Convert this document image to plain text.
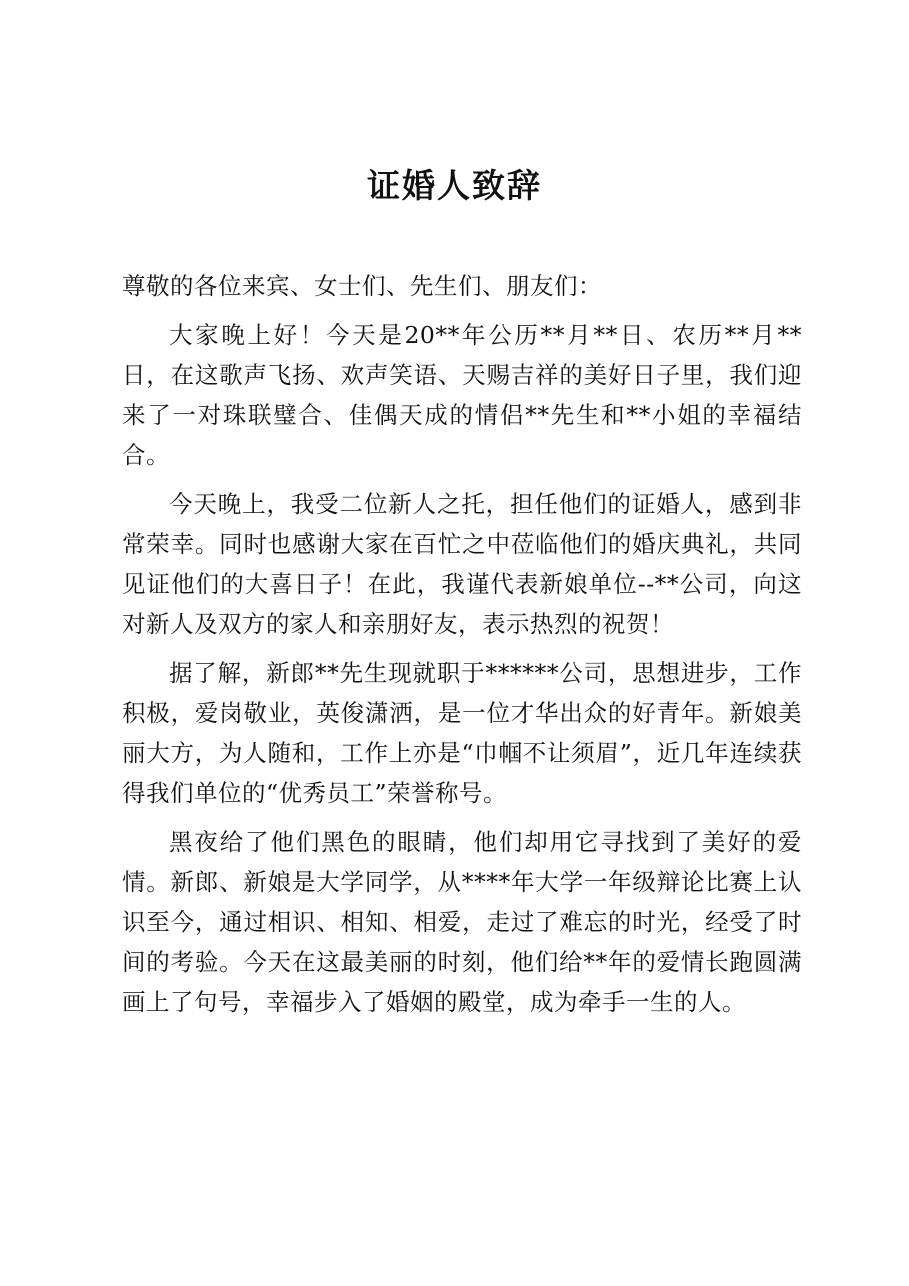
证婚人致辞

尊敬的各位来宾、女士们、先生们、朋友们：

大家晚上好！今天是20**年公历**月**日、农历**月**日，在这歌声飞扬、欢声笑语、天赐吉祥的美好日子里，我们迎来了一对珠联璧合、佳偶天成的情侣**先生和**小姐的幸福结合。

今天晚上，我受二位新人之托，担任他们的证婚人，感到非常荣幸。同时也感谢大家在百忙之中莅临他们的婚庆典礼，共同见证他们的大喜日子！在此，我谨代表新娘单位--**公司，向这对新人及双方的家人和亲朋好友，表示热烈的祝贺！

据了解，新郎**先生现就职于******公司，思想进步，工作积极，爱岗敬业，英俊潇洒，是一位才华出众的好青年。新娘美丽大方，为人随和，工作上亦是“巾帼不让须眉”，近几年连续获得我们单位的“优秀员工”荣誉称号。

黑夜给了他们黑色的眼睛，他们却用它寻找到了美好的爱情。新郎、新娘是大学同学，从****年大学一年级辩论比赛上认识至今，通过相识、相知、相爱，走过了难忘的时光，经受了时间的考验。今天在这最美丽的时刻，他们给**年的爱情长跑圆满画上了句号，幸福步入了婚姻的殿堂，成为牵手一生的人。
